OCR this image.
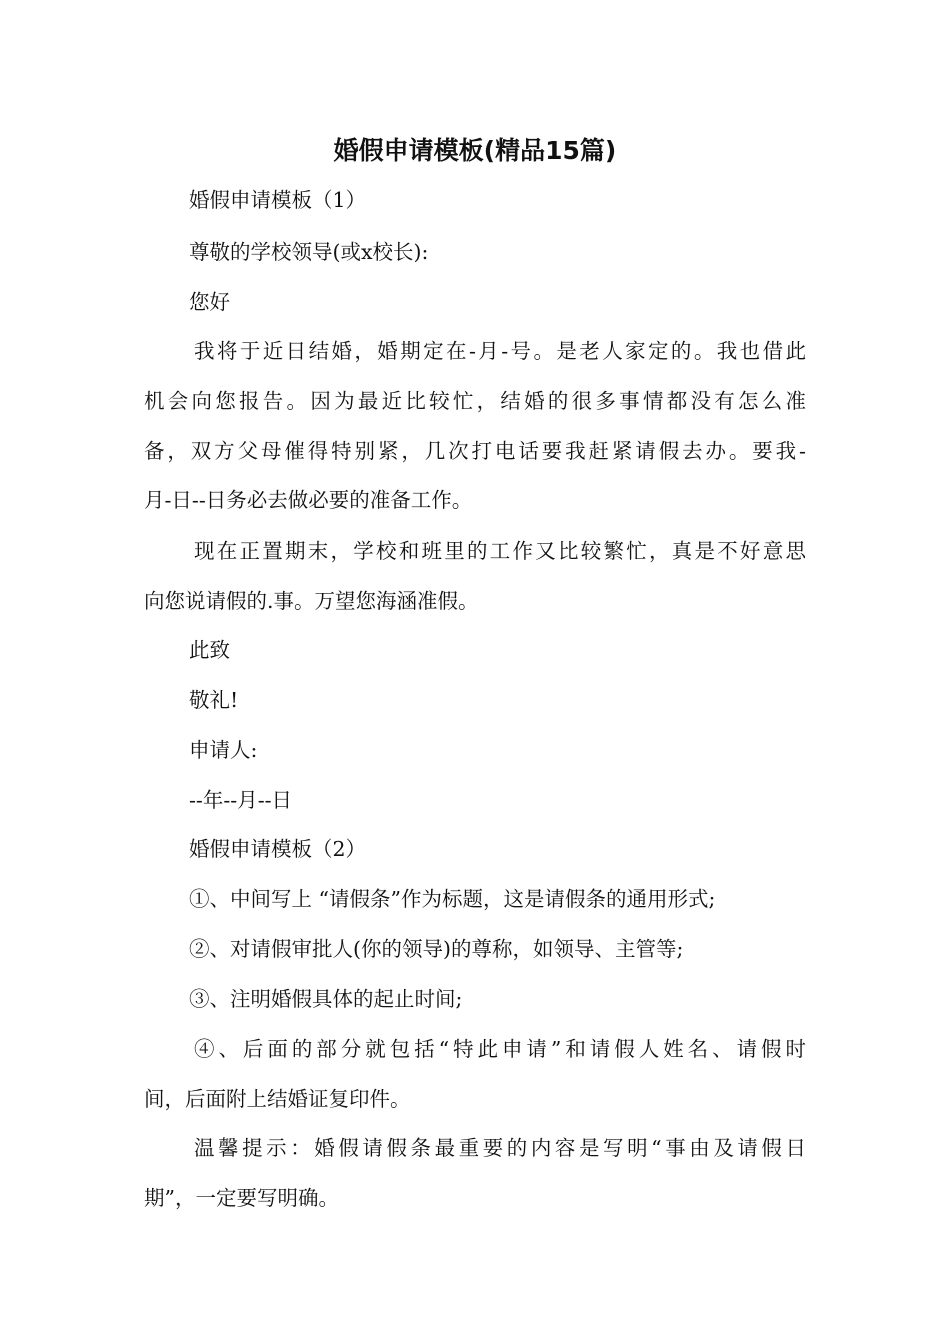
婚假申请模板(精品15篇)
婚假申请模板（1）
尊敬的学校领导(或x校长):
您好
我将于近日结婚，婚期定在-月-号。是老人家定的。我也借此
机会向您报告。因为最近比较忙，结婚的很多事情都没有怎么准
备，双方父母催得特别紧，几次打电话要我赶紧请假去办。要我-
月-日--日务必去做必要的准备工作。
现在正置期末，学校和班里的工作又比较繁忙，真是不好意思
向您说请假的.事。万望您海涵准假。
此致
敬礼!
申请人:
--年--月--日
婚假申请模板（2）
①、中间写上 “请假条”作为标题，这是请假条的通用形式;
②、对请假审批人(你的领导)的尊称，如领导、主管等;
③、注明婚假具体的起止时间;
④、后面的部分就包括“特此申请”和请假人姓名、请假时
间，后面附上结婚证复印件。
温馨提示：婚假请假条最重要的内容是写明“事由及请假日
期”，一定要写明确。
